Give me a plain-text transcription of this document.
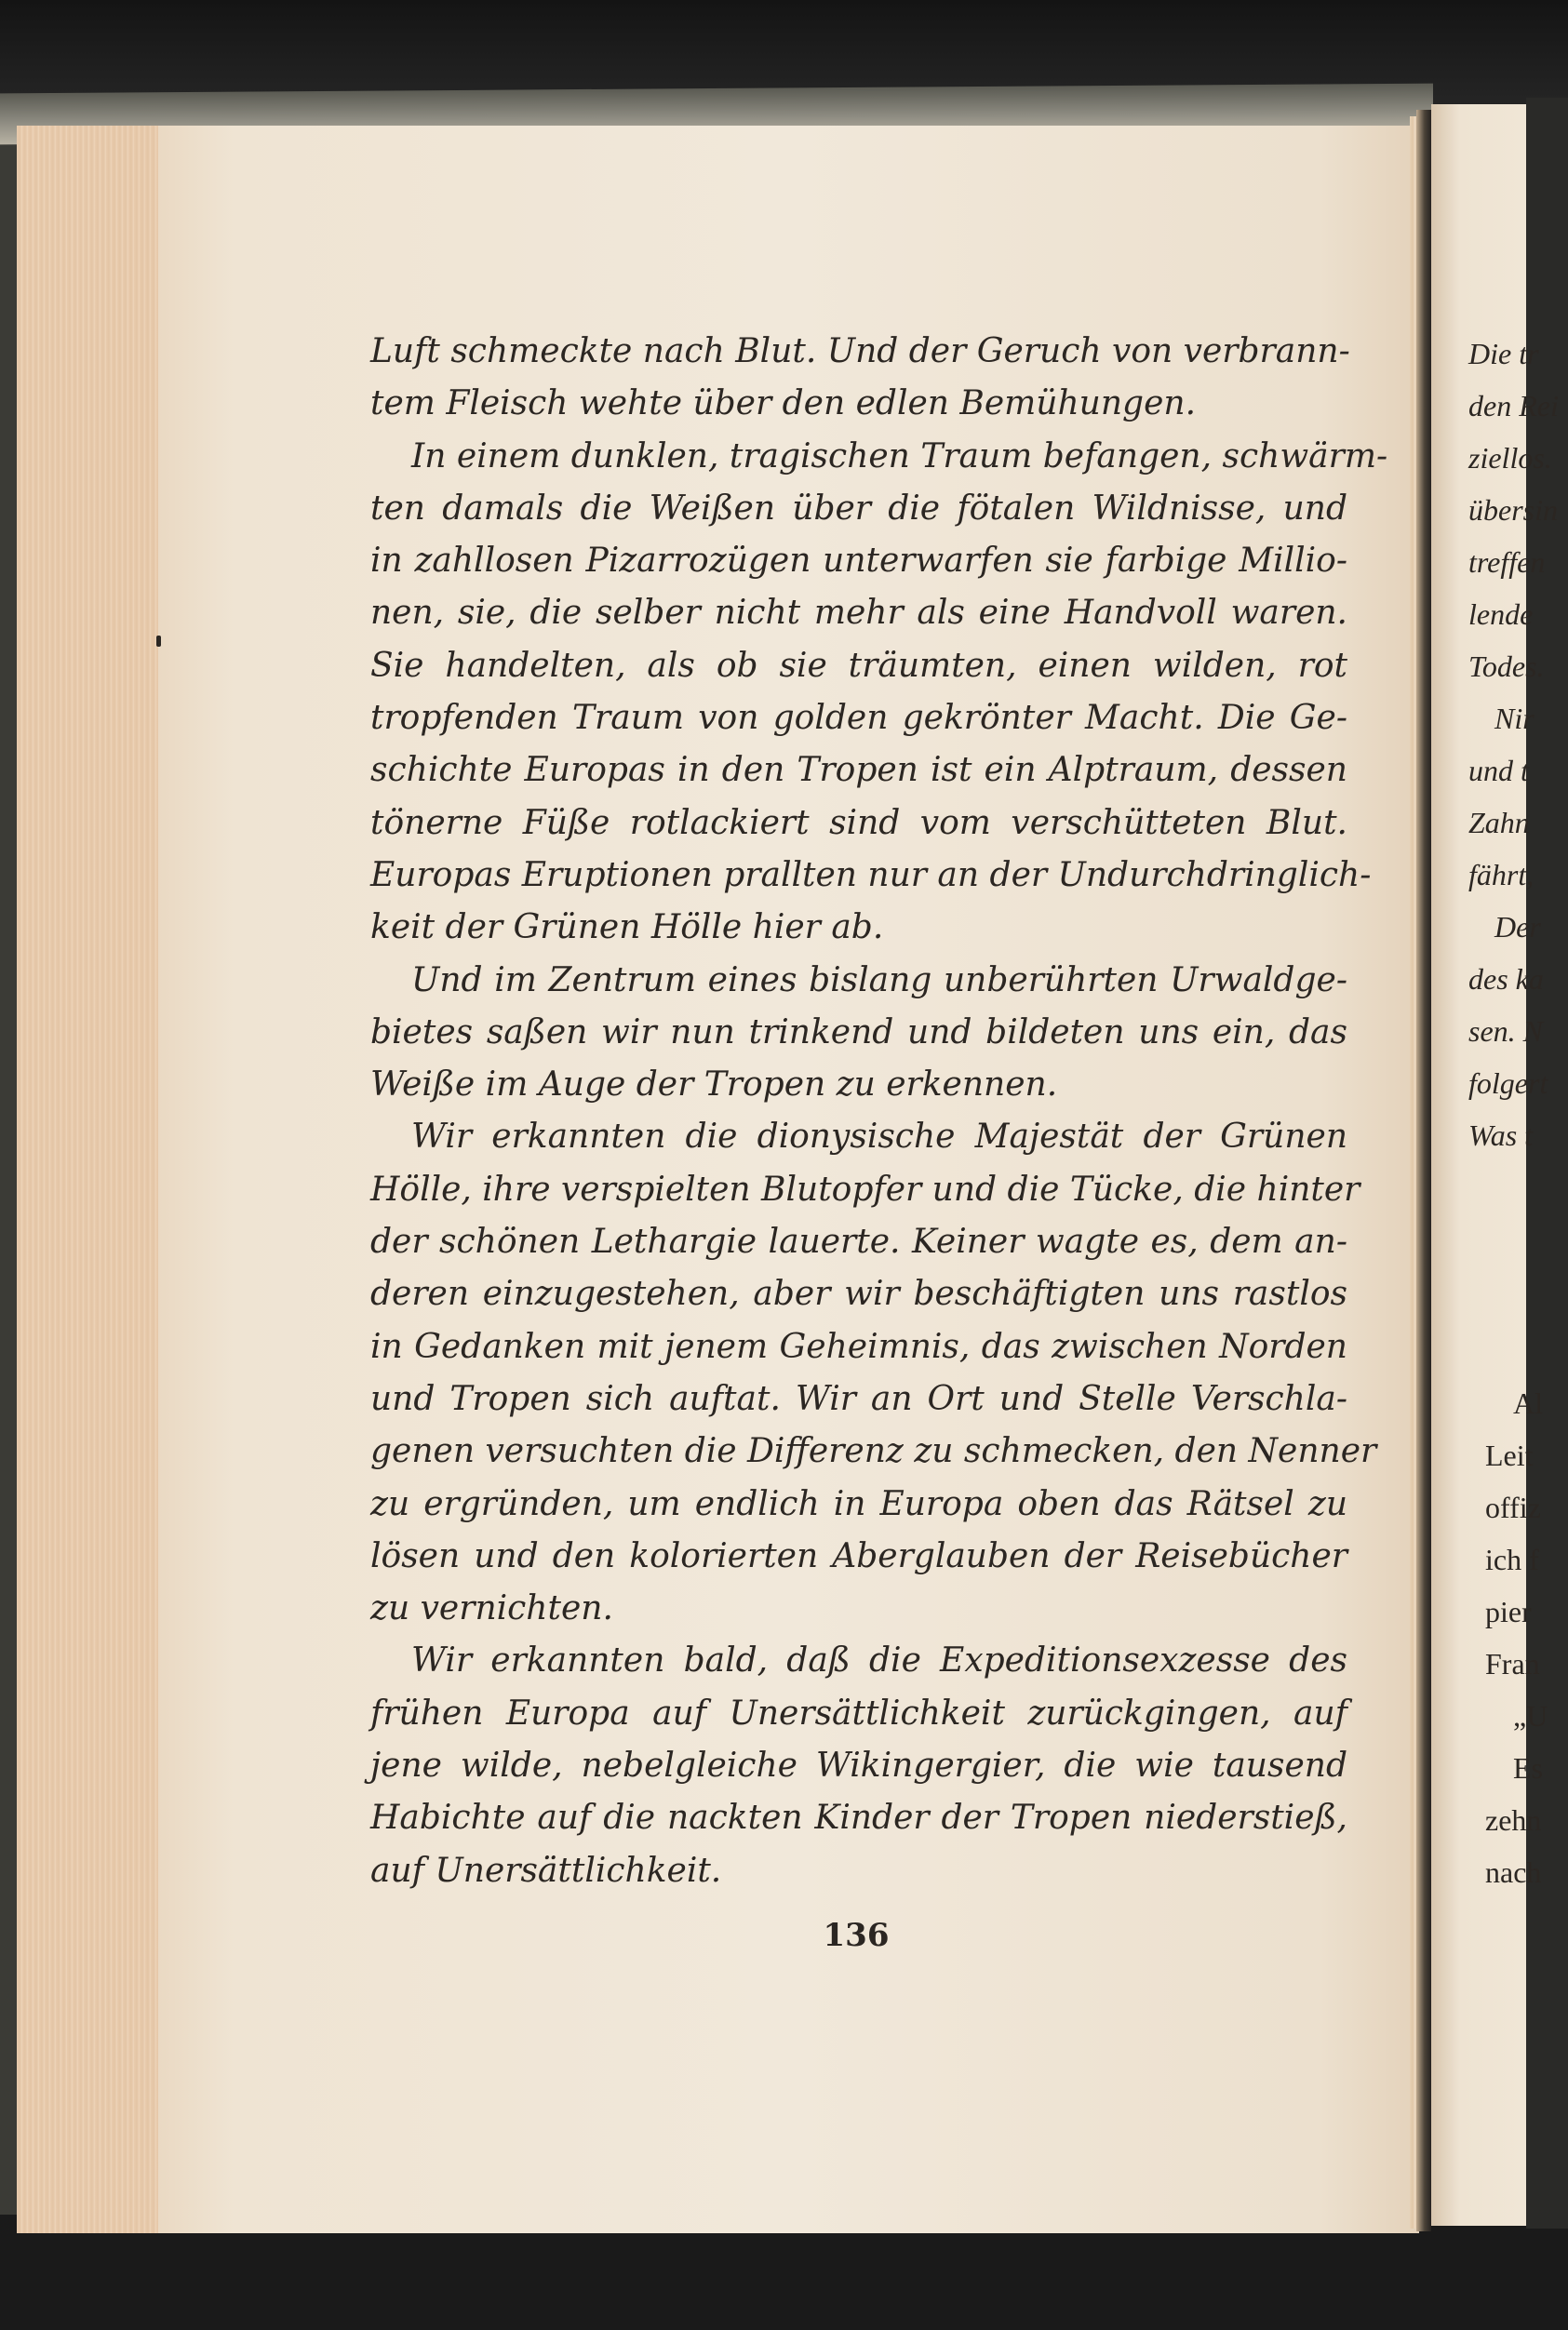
Luft schmeckte nach Blut. Und der Geruch von verbrann-
tem Fleisch wehte über den edlen Bemühungen.
In einem dunklen, tragischen Traum befangen, schwärm-
ten damals die Weißen über die fötalen Wildnisse, und
in zahllosen Pizarrozügen unterwarfen sie farbige Millio-
nen, sie, die selber nicht mehr als eine Handvoll waren.
Sie handelten, als ob sie träumten, einen wilden, rot
tropfenden Traum von golden gekrönter Macht. Die Ge-
schichte Europas in den Tropen ist ein Alptraum, dessen
tönerne Füße rotlackiert sind vom verschütteten Blut.
Europas Eruptionen prallten nur an der Undurchdringlich-
keit der Grünen Hölle hier ab.
Und im Zentrum eines bislang unberührten Urwaldge-
bietes saßen wir nun trinkend und bildeten uns ein, das
Weiße im Auge der Tropen zu erkennen.
Wir erkannten die dionysische Majestät der Grünen
Hölle, ihre verspielten Blutopfer und die Tücke, die hinter
der schönen Lethargie lauerte. Keiner wagte es, dem an-
deren einzugestehen, aber wir beschäftigten uns rastlos
in Gedanken mit jenem Geheimnis, das zwischen Norden
und Tropen sich auftat. Wir an Ort und Stelle Verschla-
genen versuchten die Differenz zu schmecken, den Nenner
zu ergründen, um endlich in Europa oben das Rätsel zu
lösen und den kolorierten Aberglauben der Reisebücher
zu vernichten.
Wir erkannten bald, daß die Expeditionsexzesse des
frühen Europa auf Unersättlichkeit zurückgingen, auf
jene wilde, nebelgleiche Wikingergier, die wie tausend
Habichte auf die nackten Kinder der Tropen niederstieß,
auf Unersättlichkeit.
136
Die tr
den Rei
ziellos.
übersin
treffen
lende
Todes.
Nir
und t
Zahn
fährt,
Der
des ka
sen. N
folgert
Was t
Al
Leit
offiz
ich f
pier
Fran
„U
Es
zehn
nach
